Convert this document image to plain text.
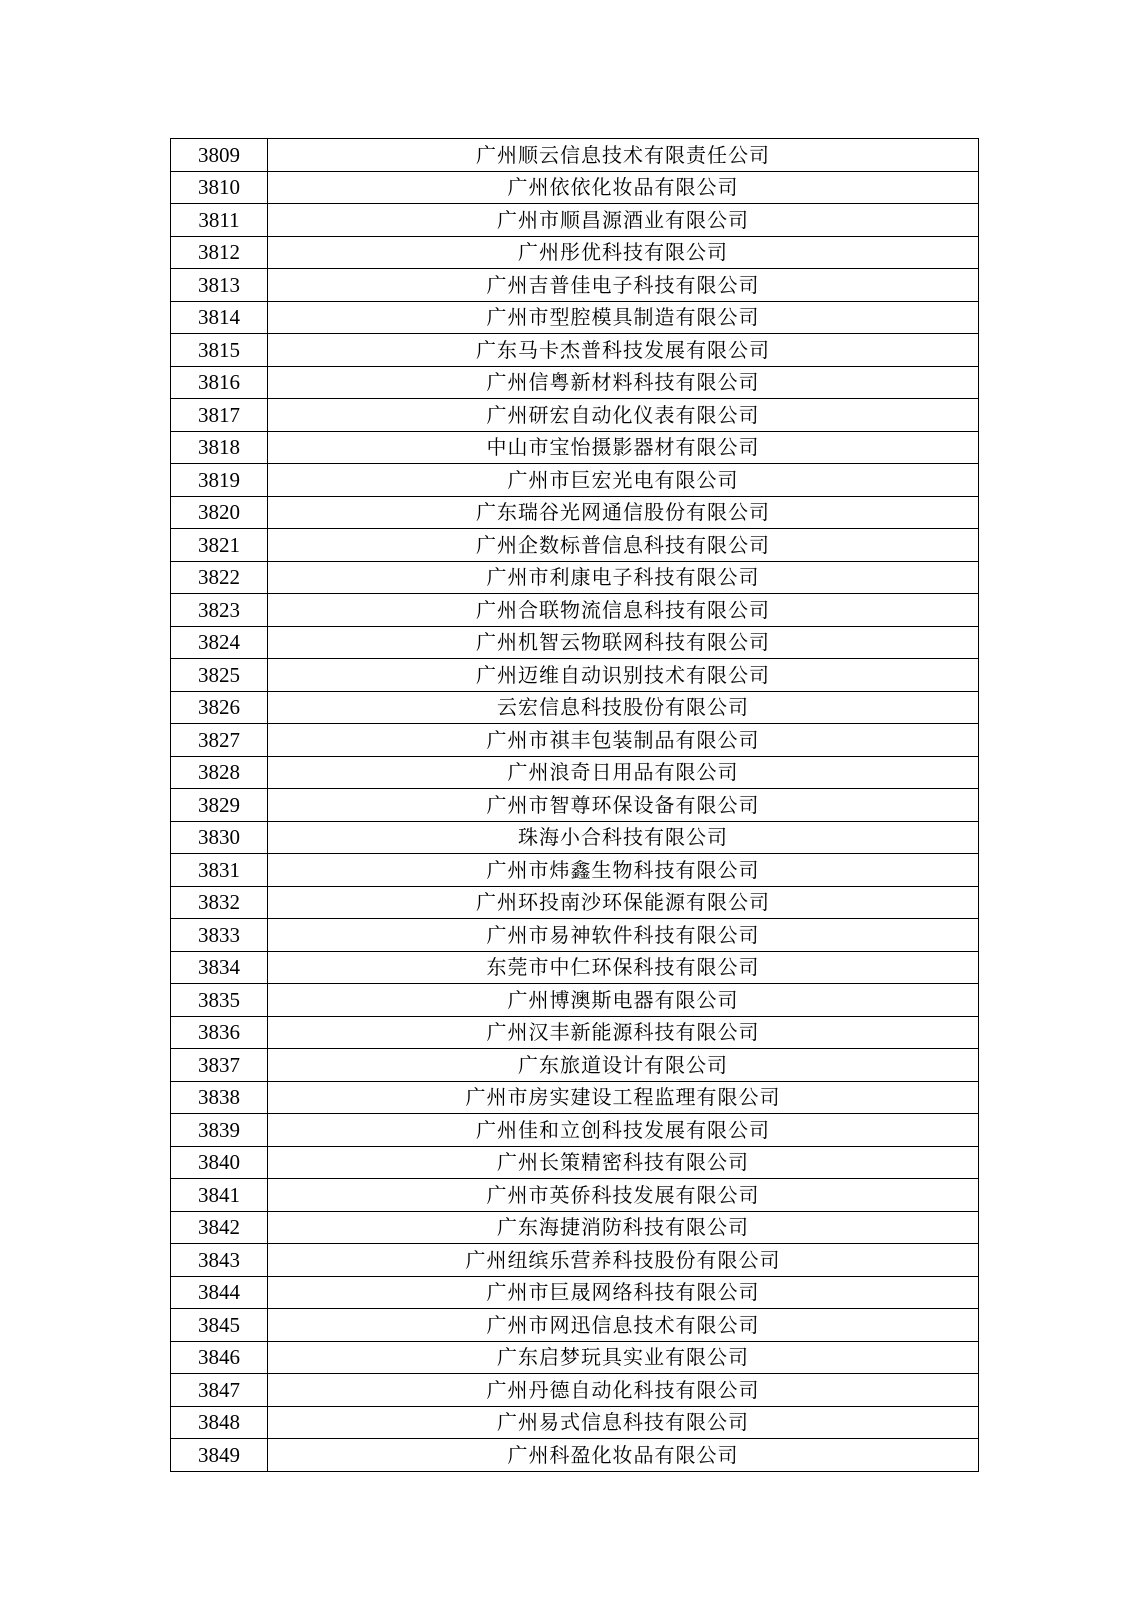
3809	广州顺云信息技术有限责任公司
3810	广州依依化妆品有限公司
3811	广州市顺昌源酒业有限公司
3812	广州彤优科技有限公司
3813	广州吉普佳电子科技有限公司
3814	广州市型腔模具制造有限公司
3815	广东马卡杰普科技发展有限公司
3816	广州信粤新材料科技有限公司
3817	广州研宏自动化仪表有限公司
3818	中山市宝怡摄影器材有限公司
3819	广州市巨宏光电有限公司
3820	广东瑞谷光网通信股份有限公司
3821	广州企数标普信息科技有限公司
3822	广州市利康电子科技有限公司
3823	广州合联物流信息科技有限公司
3824	广州机智云物联网科技有限公司
3825	广州迈维自动识别技术有限公司
3826	云宏信息科技股份有限公司
3827	广州市祺丰包装制品有限公司
3828	广州浪奇日用品有限公司
3829	广州市智尊环保设备有限公司
3830	珠海小合科技有限公司
3831	广州市炜鑫生物科技有限公司
3832	广州环投南沙环保能源有限公司
3833	广州市易神软件科技有限公司
3834	东莞市中仁环保科技有限公司
3835	广州博澳斯电器有限公司
3836	广州汉丰新能源科技有限公司
3837	广东旅道设计有限公司
3838	广州市房实建设工程监理有限公司
3839	广州佳和立创科技发展有限公司
3840	广州长策精密科技有限公司
3841	广州市英侨科技发展有限公司
3842	广东海捷消防科技有限公司
3843	广州纽缤乐营养科技股份有限公司
3844	广州市巨晟网络科技有限公司
3845	广州市网迅信息技术有限公司
3846	广东启梦玩具实业有限公司
3847	广州丹德自动化科技有限公司
3848	广州易式信息科技有限公司
3849	广州科盈化妆品有限公司
